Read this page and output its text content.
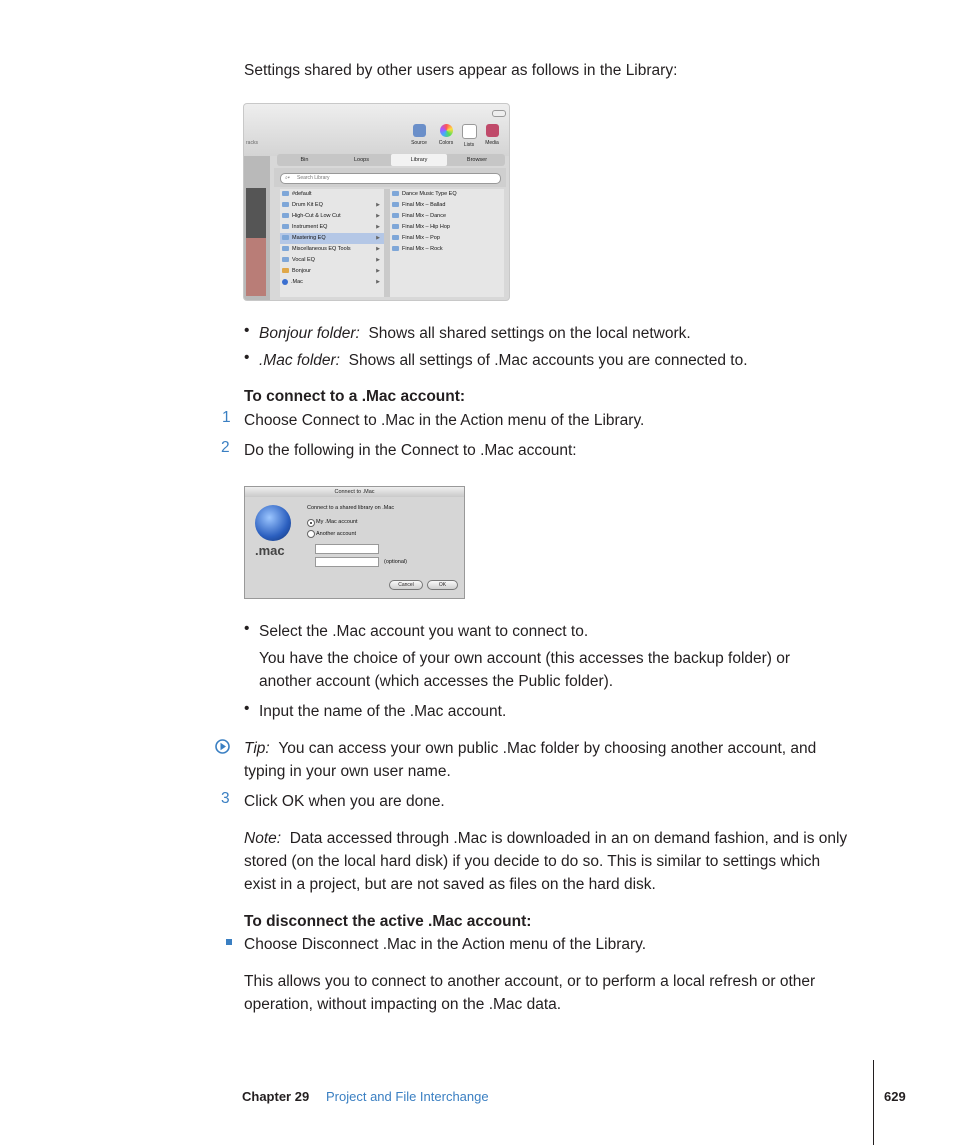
Settings shared by other users appear as follows in the Library:

racks	Source	Colors	Lists	Media
Bin	Loops	Library	Browser
⌕▾ Search Library
#default
Drum Kit EQ	▶
High-Cut & Low Cut	▶
Instrument EQ	▶
Mastering EQ	▶
Miscellaneous EQ Tools	▶
Vocal EQ	▶
Bonjour	▶
.Mac	▶
Dance Music Type EQ
Final Mix – Ballad
Final Mix – Dance
Final Mix – Hip Hop
Final Mix – Pop
Final Mix – Rock
• Bonjour folder: Shows all shared settings on the local network.

• .Mac folder: Shows all settings of .Mac accounts you are connected to.

To connect to a .Mac account:

1 Choose Connect to .Mac in the Action menu of the Library.

2 Do the following in the Connect to .Mac account:

Connect to .Mac
.mac
Connect to a shared library on .Mac
My .Mac account
Another account
(optional)
Cancel	OK
• Select the .Mac account you want to connect to.

You have the choice of your own account (this accesses the backup folder) or

another account (which accesses the Public folder).

• Input the name of the .Mac account.

Tip: You can access your own public .Mac folder by choosing another account, and

typing in your own user name.

3 Click OK when you are done.

Note: Data accessed through .Mac is downloaded in an on demand fashion, and is only

stored (on the local hard disk) if you decide to do so. This is similar to settings which

exist in a project, but are not saved as files on the hard disk.

To disconnect the active .Mac account:

Choose Disconnect .Mac in the Action menu of the Library.

This allows you to connect to another account, or to perform a local refresh or other

operation, without impacting on the .Mac data.

Chapter 29 Project and File Interchange	629
